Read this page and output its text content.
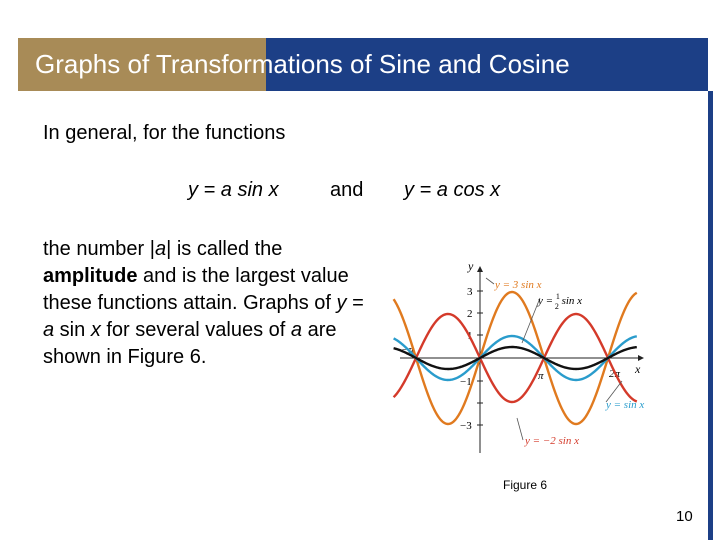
Graphs of Transformations of Sine and Cosine
In general, for the functions
y = a sin x	and y = a cos x
the number |a| is called the amplitude and is the largest value these functions attain. Graphs of y = a sin x for several values of a are shown in Figure 6.
y
3
2
1
−1
−3
x
−π
π	2π
y = 3 sin x
y = $^1$ 2 sin x
y = sin x
y = −2 sin x
Figure 6
10
